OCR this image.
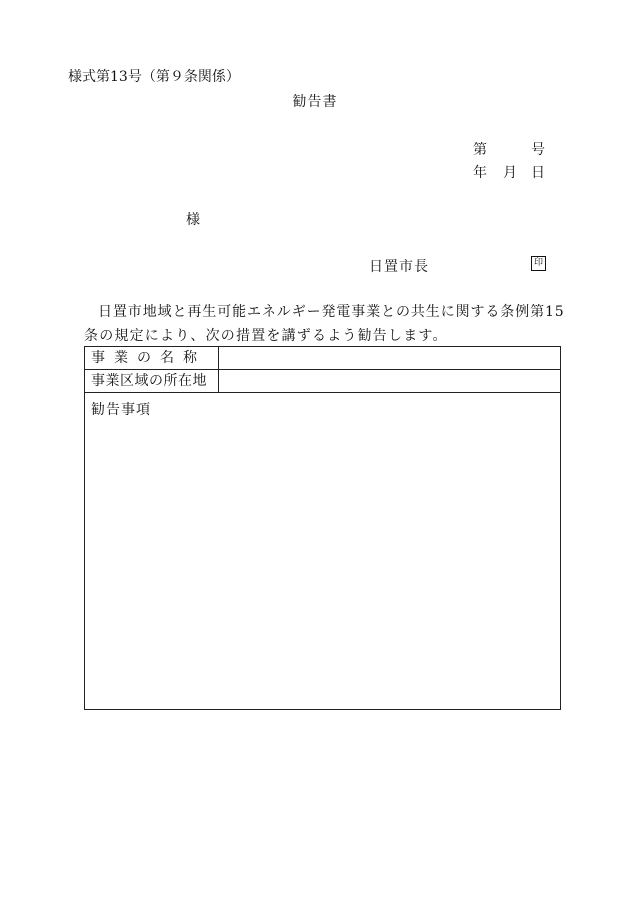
様式第13号（第９条関係）
勧告書
第	号
年 月 日
様
日置市長	印

日置市地域と再生可能エネルギー発電事業との共生に関する条例第15

条の規定により、次の措置を講ずるよう勧告します。

事業の名称
事業区域の所在地
勧告事項
